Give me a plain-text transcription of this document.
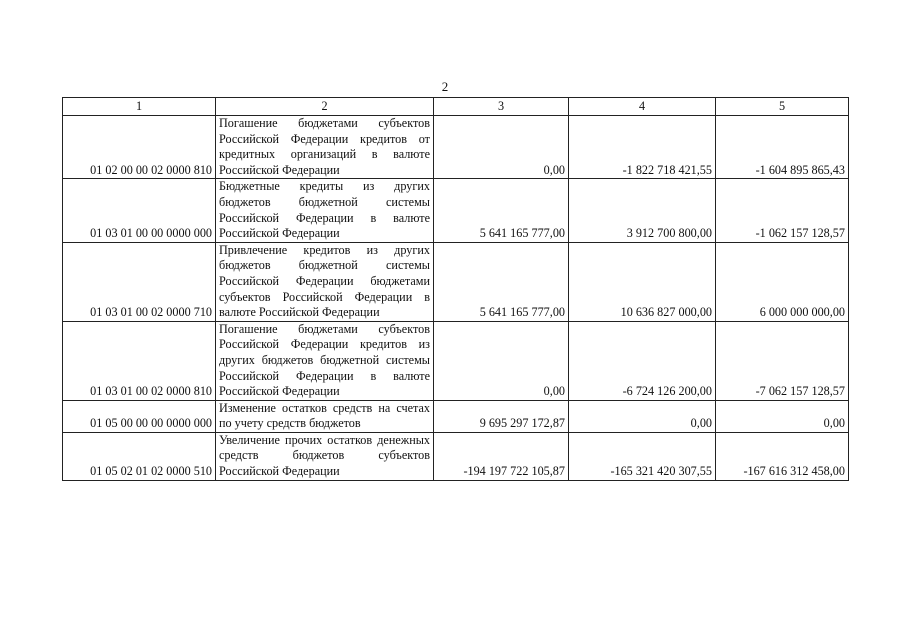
2
1	2	3	4	5
01 02 00 00 02 0000 810	Погашение бюджетами субъектов Российской Федерации кредитов от кредитных организаций в валюте Российской Федерации	0,00	-1 822 718 421,55	-1 604 895 865,43
01 03 01 00 00 0000 000	Бюджетные кредиты из других бюджетов бюджетной системы Российской Федерации в валюте Российской Федерации	5 641 165 777,00	3 912 700 800,00	-1 062 157 128,57
01 03 01 00 02 0000 710	Привлечение кредитов из других бюджетов бюджетной системы Российской Федерации бюджетами субъектов Российской Федерации в валюте Российской Федерации	5 641 165 777,00	10 636 827 000,00	6 000 000 000,00
01 03 01 00 02 0000 810	Погашение бюджетами субъектов Российской Федерации кредитов из других бюджетов бюджетной системы Российской Федерации в валюте Российской Федерации	0,00	-6 724 126 200,00	-7 062 157 128,57
01 05 00 00 00 0000 000	Изменение остатков средств на счетах по учету средств бюджетов	9 695 297 172,87	0,00	0,00
01 05 02 01 02 0000 510	Увеличение прочих остатков денежных средств бюджетов субъектов Российской Федерации	-194 197 722 105,87	-165 321 420 307,55	-167 616 312 458,00
